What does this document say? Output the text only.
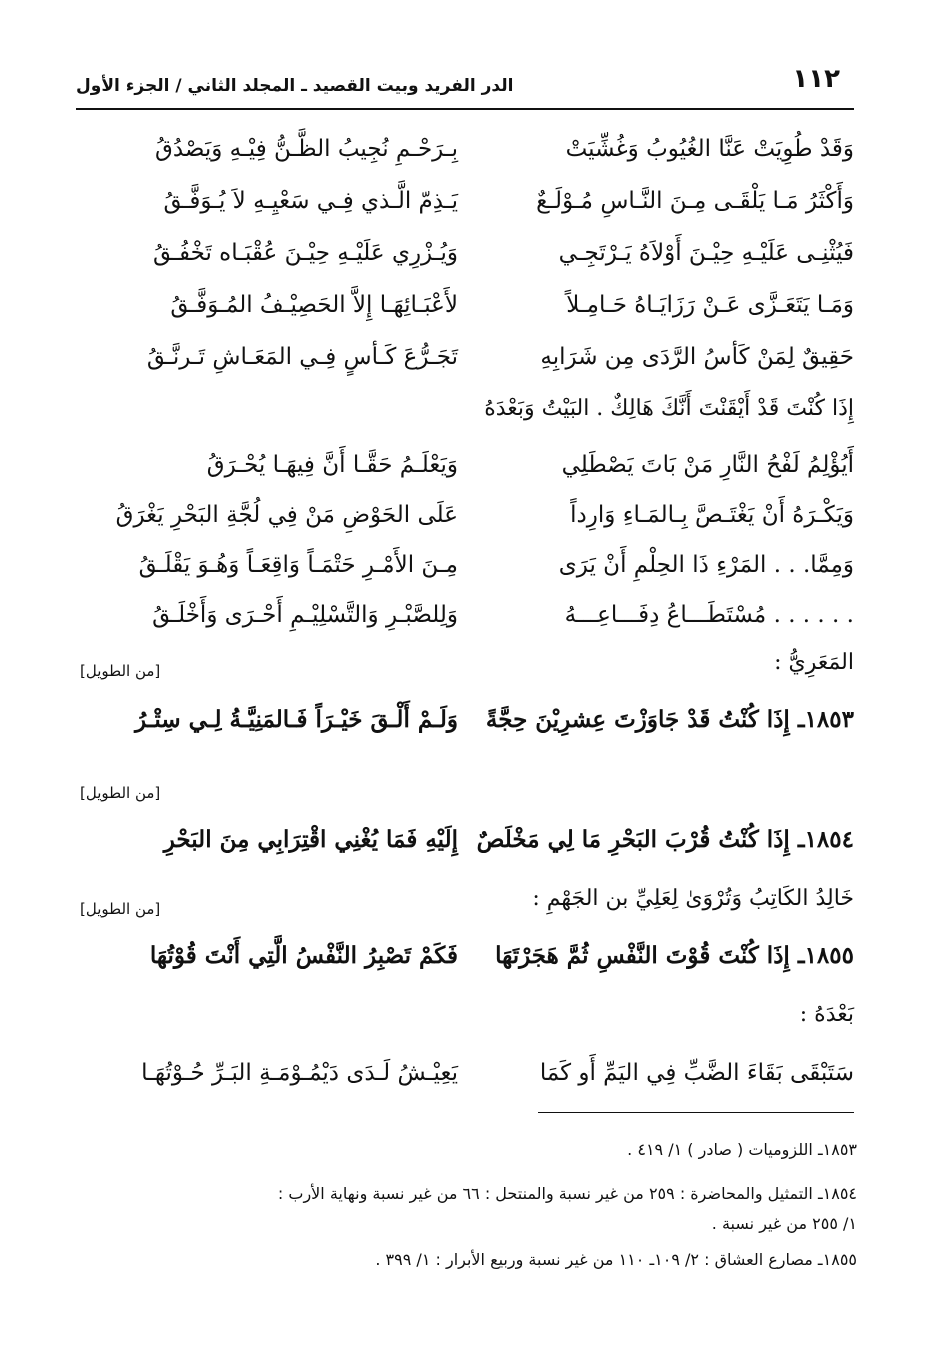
١١٢
الدر الفريد وبيت القصيد ـ المجلد الثاني / الجزء الأول
وَقَدْ طُوِيَتْ عَنَّا الغُيُوبُ وَغُشِّيَتْ
بِـرَحْـمِ نُجِيبُ الظَّـنُّ فِيْـهِ وَيَصْدُقُ
وَأَكْثَرُ مَـا يَلْقَـى مِـنَ النَّـاسِ مُـوْلَـعٌ
يَـذِمّ الَّـذي فِـي سَعْيِـهِ لاَ يُـوَفَّـقُ
فَيُثْنِـى عَلَيْـهِ حِيْـنَ أَوْلاَهُ يَـرْتَجِـي
وَيُـزْرِي عَلَيْـهِ حِيْـنَ عُقْبَـاه تَخْفُـقُ
وَمَـا يَتَعَـزَّى عَـنْ رَزَايَـاهُ حَـامِـلاً
لأَعْبَـائِهَـا إِلاَّ الحَصِيْـفُ المُـوَفَّـقُ
حَقِيقٌ لِمَنْ كَأسُ الرَّدَى مِن شَرَابِهِ
تَجَـرُّعَ كَـأسٍ فِـي المَعَـاشِ تَـرنَّـقُ
إِذَا كُنْتَ قَدْ أَيْقَنْتَ أَنَّكَ هَالِكٌ . البَيْتُ وَبَعْدَهُ
أَيُؤْلِمُ لَفْحُ النَّارِ مَنْ بَاتَ يَصْطَلِي
وَيَعْلَـمُ حَقَّـا أَنَّ فِيهَـا يُحْـرَقُ
وَيَكْـرَهُ أَنْ يَغْتَـصَّ بِـالمَـاءِ وَارِداً
عَلَى الحَوْضِ مَنْ فِي لُجَّةِ البَحْرِ يَغْرَقُ
وَمِمَّا. . . المَرْءِ ذَا الحِلْمِ أَنْ يَرَى
مِـنَ الأَمْـرِ حَتْمَـاً وَاقِعَـاً وَهُـوَ يَقْلَـقُ
. . . . . . مُسْتَطَـــاعُ دِفَـــاعِـــهُ
وَلِلصَّبْـرِ وَالتَّسْلِيْـمِ أَحْـرَى وَأَخْلَـقُ
المَعَرِيُّ :
[من الطويل]
١٨٥٣ـ إِذَا كُنْتُ قَدْ جَاوَزْتَ عِشرِيْنَ حِجَّةً
وَلَـمْ أَلْـقَ خَيْـرَاً فَـالمَنِيَّـةُ لِـي سِتْـرُ
[من الطويل]
١٨٥٤ـ إِذَا كُنْتُ قُرْبَ البَحْرِ مَا لِي مَخْلَصٌ
إِلَيْهِ فَمَا يُغْنِي اقْتِرَابِي مِنَ البَحْرِ
خَالِدُ الكَاتِبُ وَتُرْوَىٰ لِعَلِيِّ بن الجَهْمِ :
[من الطويل]
١٨٥٥ـ إِذَا كُنْتَ قُوْتَ النَّفْسِ ثُمَّ هَجَرْتَهَا
فَكَمْ تَصْبِرُ النَّفْسُ الَّتِي أَنْتَ قُوْتُهَا
بَعْدَهُ :
سَتَبْقَى بَقَاءَ الضَّبِّ فِي اليَمِّ أَو كَمَا
يَعِيْـشُ لَـدَى دَيْمُـوْمَـةِ البَـرِّ حُـوْتُهَـا
١٨٥٣ـ اللزوميات ( صادر ) ١/ ٤١٩ .
١٨٥٤ـ التمثيل والمحاضرة : ٢٥٩ من غير نسبة والمنتحل : ٦٦ من غير نسبة ونهاية الأرب :
١/ ٢٥٥ من غير نسبة .
١٨٥٥ـ مصارع العشاق : ٢/ ١٠٩ـ ١١٠ من غير نسبة وربيع الأبرار : ١/ ٣٩٩ .
